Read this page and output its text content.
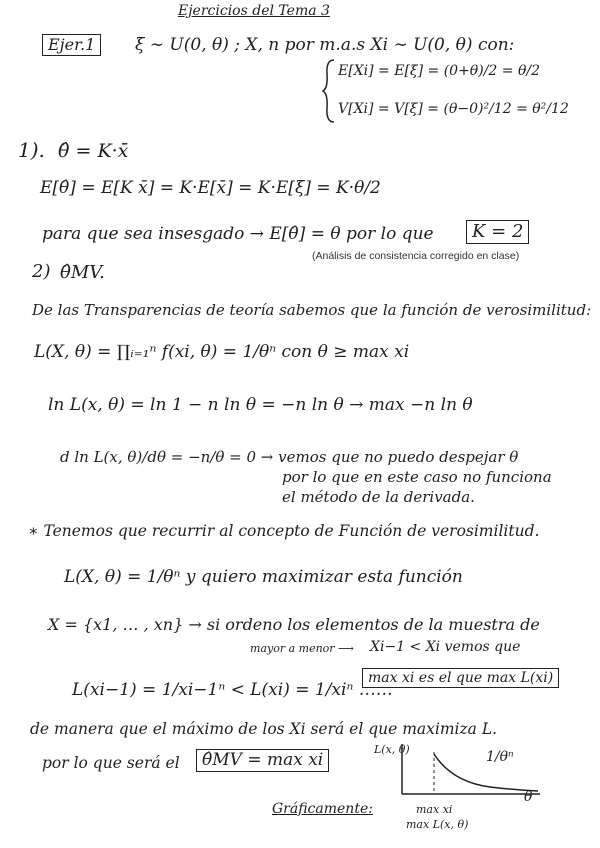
Ejercicios del Tema 3
Ejer.1	ξ ∼ U(0, θ) ; X, n por m.a.s Xi ∼ U(0, θ) con:
E[Xi] = E[ξ] = (0+θ)/2 = θ/2
V[Xi] = V[ξ] = (θ−0)²/12 = θ²/12
1). θ̂ = K·x̄
E[θ̂] = E[K x̄] = K·E[x̄] = K·E[ξ] = K·θ/2
para que sea insesgado → E[θ̂] = θ por lo que	K = 2
(Análisis de consistencia corregido en clase)
2) θ̂MV.
De las Transparencias de teoría sabemos que la función de verosimilitud:
L(X, θ) = ∏ᵢ₌₁ⁿ f(xi, θ) = 1/θⁿ con θ ≥ max xi
ln L(x, θ) = ln 1 − n ln θ = −n ln θ → max −n ln θ
d ln L(x, θ)/dθ = −n/θ = 0 → vemos que no puedo despejar θ
por lo que en este caso no funciona
el método de la derivada.
∗ Tenemos que recurrir al concepto de Función de verosimilitud.
L(X, θ) = 1/θⁿ y quiero maximizar esta función
X = {x1, … , xn} → si ordeno los elementos de la muestra de
mayor a menor ⟶ Xi−1 < Xi vemos que
L(xi−1) = 1/xi−1ⁿ < L(xi) = 1/xiⁿ ……
max xi es el que max L(xi)
de manera que el máximo de los Xi será el que maximiza L.
por lo que será el	θ̂MV = max xi
Gráficamente:
L(x, θ)	1/θⁿ
θ
max xi
max L(x, θ)
